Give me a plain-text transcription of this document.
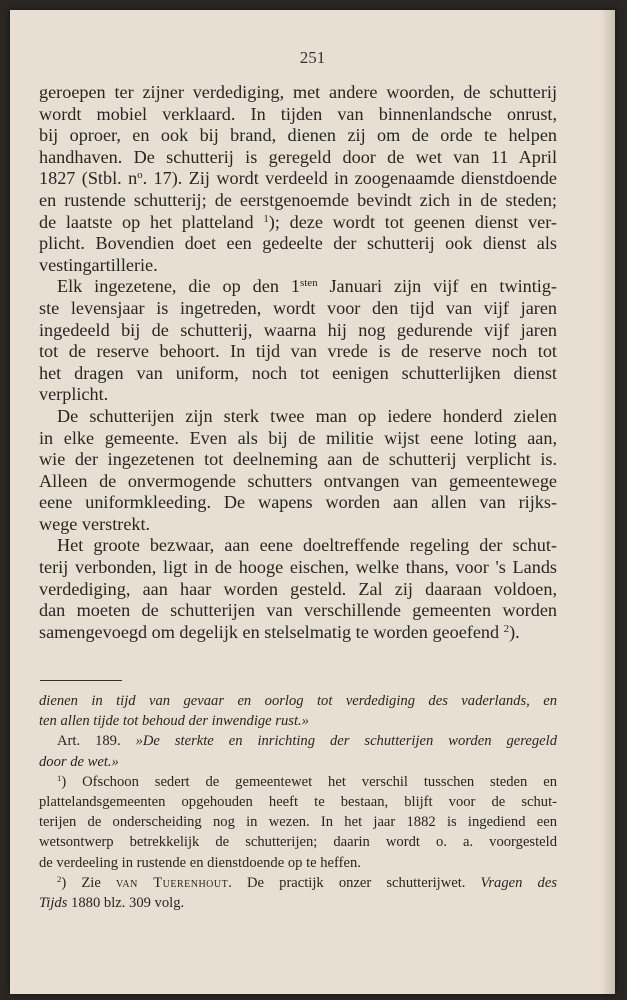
251

geroepen ter zijner verdediging, met andere woorden, de schutterij

wordt mobiel verklaard. In tijden van binnenlandsche onrust,

bij oproer, en ook bij brand, dienen zij om de orde te helpen

handhaven. De schutterij is geregeld door de wet van 11 April

1827 (Stbl. $n^o$. 17). Zij wordt verdeeld in zoogenaamde dienstdoende

en rustende schutterij; de eerstgenoemde bevindt zich in de steden;

de laatste op het platteland $^1$); deze wordt tot geenen dienst ver-

plicht. Bovendien doet een gedeelte der schutterij ook dienst als

vestingartillerie.

Elk ingezetene, die op den $1^{sten}$ Januari zijn vijf en twintig-

ste levensjaar is ingetreden, wordt voor den tijd van vijf jaren

ingedeeld bij de schutterij, waarna hij nog gedurende vijf jaren

tot de reserve behoort. In tijd van vrede is de reserve noch tot

het dragen van uniform, noch tot eenigen schutterlijken dienst

verplicht.

De schutterijen zijn sterk twee man op iedere honderd zielen

in elke gemeente. Even als bij de militie wijst eene loting aan,

wie der ingezetenen tot deelneming aan de schutterij verplicht is.

Alleen de onvermogende schutters ontvangen van gemeentewege

eene uniformkleeding. De wapens worden aan allen van rijks-

wege verstrekt.

Het groote bezwaar, aan eene doeltreffende regeling der schut-

terij verbonden, ligt in de hooge eischen, welke thans, voor 's Lands

verdediging, aan haar worden gesteld. Zal zij daaraan voldoen,

dan moeten de schutterijen van verschillende gemeenten worden

samengevoegd om degelijk en stelselmatig te worden geoefend $^2$).

dienen in tijd van gevaar en oorlog tot verdediging des vaderlands, en

ten allen tijde tot behoud der inwendige rust.»

Art. 189. »De sterkte en inrichting der schutterijen worden geregeld

door de wet.»

$^1$) Ofschoon sedert de gemeentewet het verschil tusschen steden en

plattelandsgemeenten opgehouden heeft te bestaan, blijft voor de schut-

terijen de onderscheiding nog in wezen. In het jaar 1882 is ingediend een

wetsontwerp betrekkelijk de schutterijen; daarin wordt o. a. voorgesteld

de verdeeling in rustende en dienstdoende op te heffen.

$^2$) Zie van Tuerenhout. De practijk onzer schutterijwet. Vragen des

Tijds 1880 blz. 309 volg.
